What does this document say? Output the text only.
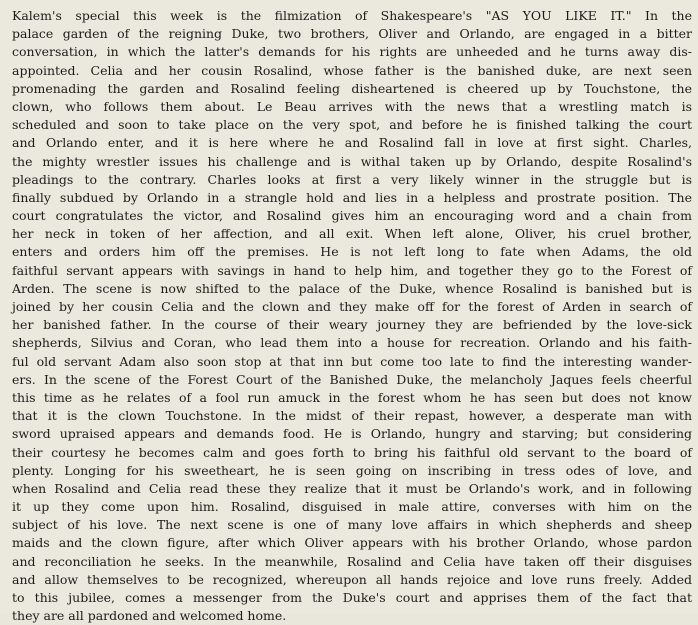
Kalem's special this week is the filmization of Shakespeare's "AS YOU LIKE IT." In the
palace garden of the reigning Duke, two brothers, Oliver and Orlando, are engaged in a bitter
conversation, in which the latter's demands for his rights are unheeded and he turns away dis-
appointed. Celia and her cousin Rosalind, whose father is the banished duke, are next seen
promenading the garden and Rosalind feeling disheartened is cheered up by Touchstone, the
clown, who follows them about. Le Beau arrives with the news that a wrestling match is
scheduled and soon to take place on the very spot, and before he is finished talking the court
and Orlando enter, and it is here where he and Rosalind fall in love at first sight. Charles,
the mighty wrestler issues his challenge and is withal taken up by Orlando, despite Rosalind's
pleadings to the contrary. Charles looks at first a very likely winner in the struggle but is
finally subdued by Orlando in a strangle hold and lies in a helpless and prostrate position. The
court congratulates the victor, and Rosalind gives him an encouraging word and a chain from
her neck in token of her affection, and all exit. When left alone, Oliver, his cruel brother,
enters and orders him off the premises. He is not left long to fate when Adams, the old
faithful servant appears with savings in hand to help him, and together they go to the Forest of
Arden. The scene is now shifted to the palace of the Duke, whence Rosalind is banished but is
joined by her cousin Celia and the clown and they make off for the forest of Arden in search of
her banished father. In the course of their weary journey they are befriended by the love-sick
shepherds, Silvius and Coran, who lead them into a house for recreation. Orlando and his faith-
ful old servant Adam also soon stop at that inn but come too late to find the interesting wander-
ers. In the scene of the Forest Court of the Banished Duke, the melancholy Jaques feels cheerful
this time as he relates of a fool run amuck in the forest whom he has seen but does not know
that it is the clown Touchstone. In the midst of their repast, however, a desperate man with
sword upraised appears and demands food. He is Orlando, hungry and starving; but considering
their courtesy he becomes calm and goes forth to bring his faithful old servant to the board of
plenty. Longing for his sweetheart, he is seen going on inscribing in tress odes of love, and
when Rosalind and Celia read these they realize that it must be Orlando's work, and in following
it up they come upon him. Rosalind, disguised in male attire, converses with him on the
subject of his love. The next scene is one of many love affairs in which shepherds and sheep
maids and the clown figure, after which Oliver appears with his brother Orlando, whose pardon
and reconciliation he seeks. In the meanwhile, Rosalind and Celia have taken off their disguises
and allow themselves to be recognized, whereupon all hands rejoice and love runs freely. Added
to this jubilee, comes a messenger from the Duke's court and apprises them of the fact that
they are all pardoned and welcomed home.
